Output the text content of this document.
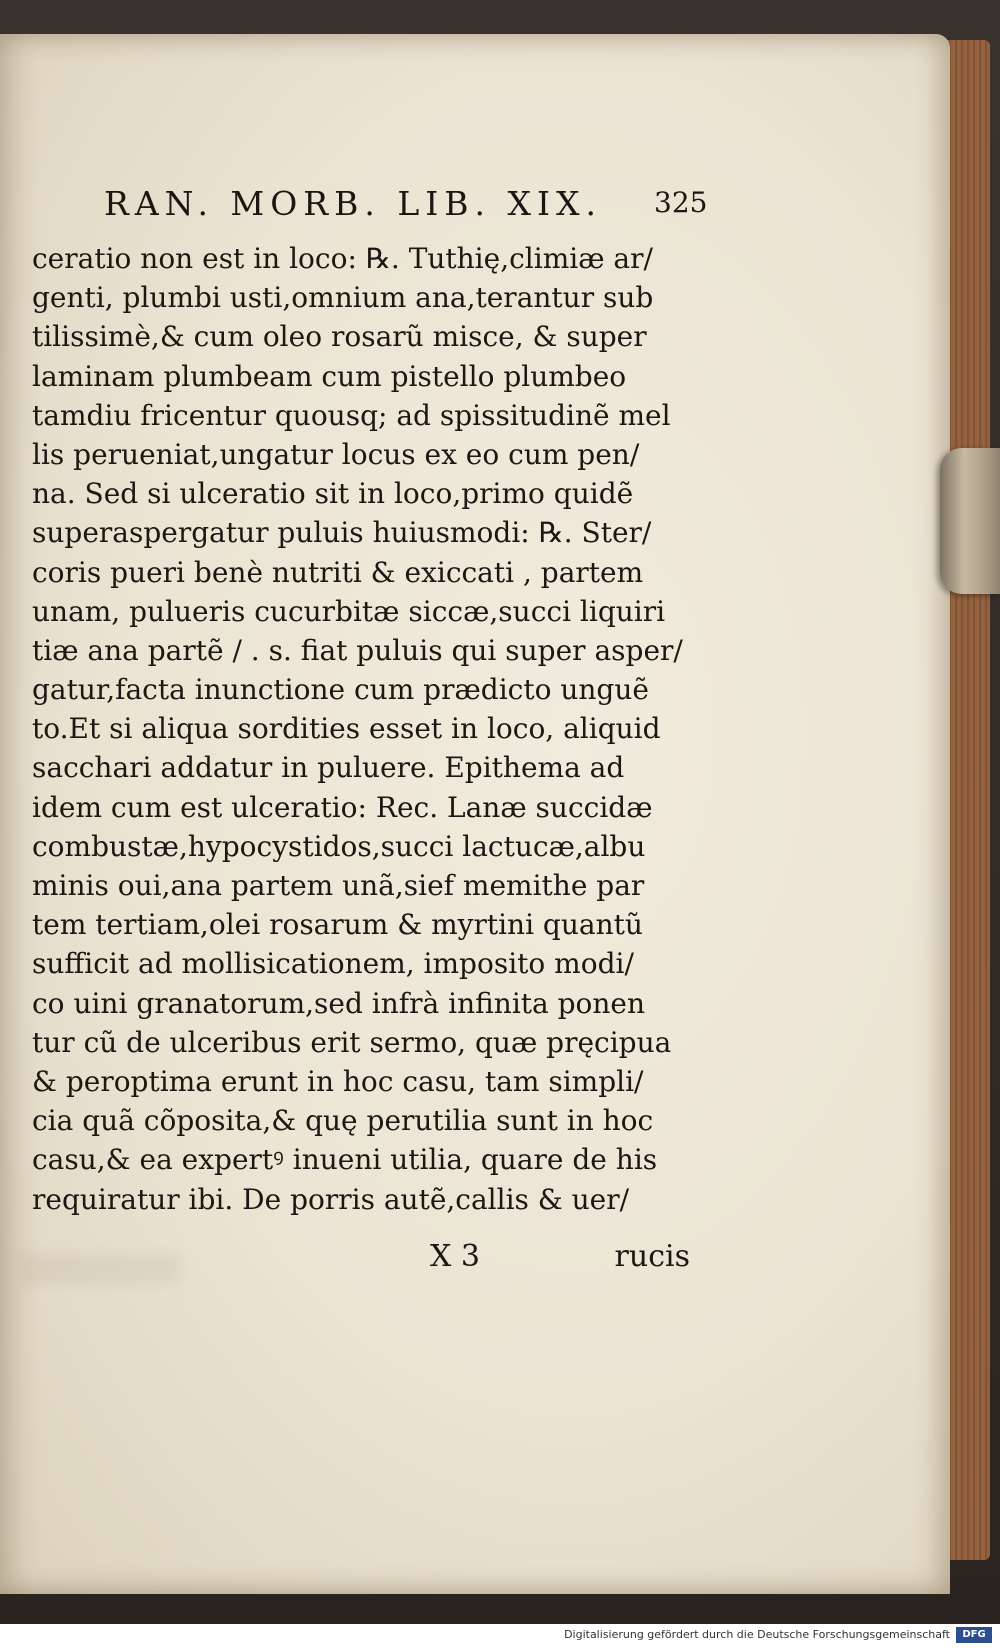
RAN. MORB. LIB. XIX. 325
ceratio non est in loco: ℞. Tuthię,climiæ ar/
genti, plumbi usti,omnium ana,terantur sub
tilissimè,& cum oleo rosarũ misce, & super
laminam plumbeam cum pistello plumbeo
tamdiu fricentur quousq; ad spissitudinẽ mel
lis perueniat,ungatur locus ex eo cum pen/
na. Sed si ulceratio sit in loco,primo quidẽ
superaspergatur puluis huiusmodi: ℞. Ster/
coris pueri benè nutriti & exiccati , partem
unam, pulueris cucurbitæ siccæ,succi liquiri
tiæ ana partẽ / . s. fiat puluis qui super asper/
gatur,facta inunctione cum prædicto unguẽ
to.Et si aliqua sordities esset in loco, aliquid
sacchari addatur in puluere. Epithema ad
idem cum est ulceratio: Rec. Lanæ succidæ
combustæ,hypocystidos,succi lactucæ,albu
minis oui,ana partem unã,sief memithe par
tem tertiam,olei rosarum & myrtini quantũ
sufficit ad mollisicationem, imposito modi/
co uini granatorum,sed infrà infinita ponen
tur cũ de ulceribus erit sermo, quæ pręcipua
& peroptima erunt in hoc casu, tam simpli/
cia quã cõposita,& quę perutilia sunt in hoc
casu,& ea expertꝰ inueni utilia, quare de his
requiratur ibi. De porris autẽ,callis & uer/
X 3	rucis
Digitalisierung gefördert durch die Deutsche Forschungsgemeinschaft	DFG
